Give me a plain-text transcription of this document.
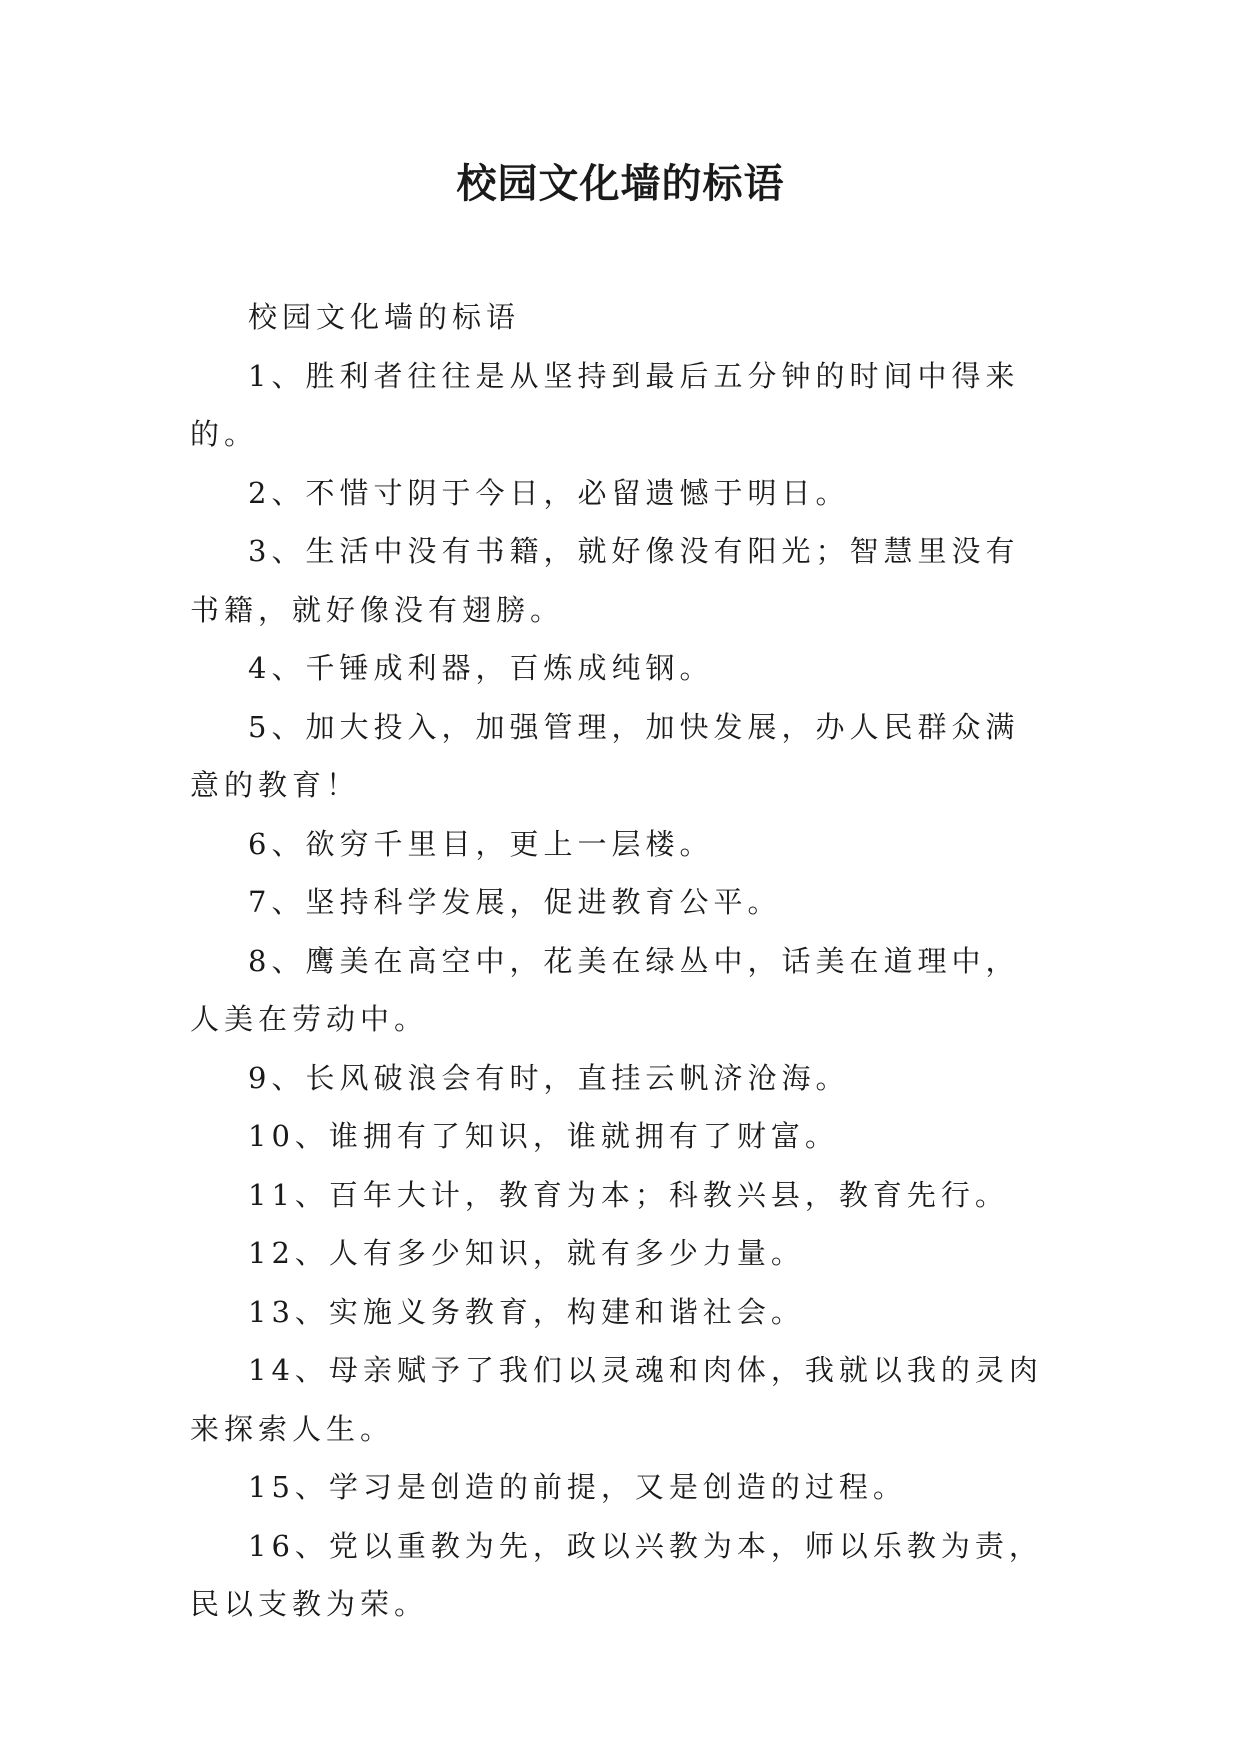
校园文化墙的标语

校园文化墙的标语

1、胜利者往往是从坚持到最后五分钟的时间中得来的。

2、不惜寸阴于今日，必留遗憾于明日。

3、生活中没有书籍，就好像没有阳光；智慧里没有书籍，就好像没有翅膀。

4、千锤成利器，百炼成纯钢。

5、加大投入，加强管理，加快发展，办人民群众满意的教育！

6、欲穷千里目，更上一层楼。

7、坚持科学发展，促进教育公平。

8、鹰美在高空中，花美在绿丛中，话美在道理中，人美在劳动中。

9、长风破浪会有时，直挂云帆济沧海。

10、谁拥有了知识，谁就拥有了财富。

11、百年大计，教育为本；科教兴县，教育先行。

12、人有多少知识，就有多少力量。

13、实施义务教育，构建和谐社会。

14、母亲赋予了我们以灵魂和肉体，我就以我的灵肉来探索人生。

15、学习是创造的前提，又是创造的过程。

16、党以重教为先，政以兴教为本，师以乐教为责，民以支教为荣。
